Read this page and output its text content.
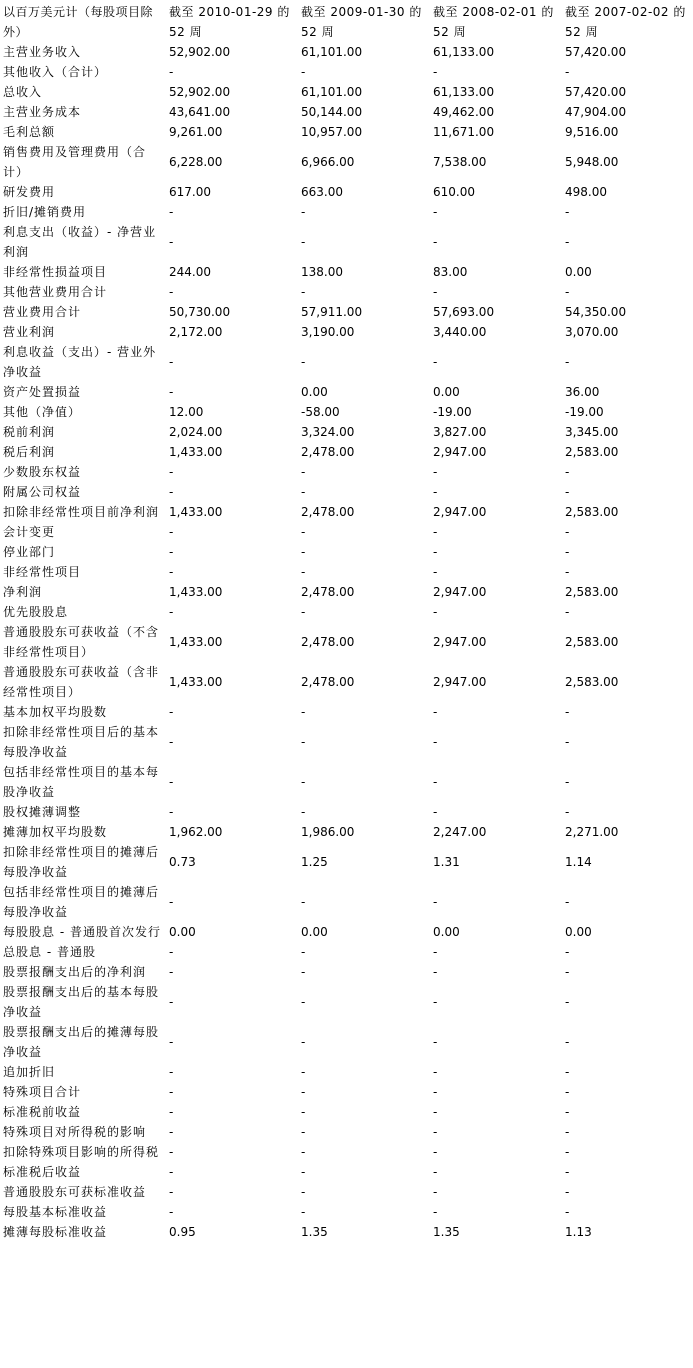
以百万美元计（每股项目除外）	截至 2010-01-29 的 52 周	截至 2009-01-30 的 52 周	截至 2008-02-01 的 52 周	截至 2007-02-02 的 52 周
主营业务收入	52,902.00	61,101.00	61,133.00	57,420.00
其他收入（合计）	-	-	-	-
总收入	52,902.00	61,101.00	61,133.00	57,420.00
主营业务成本	43,641.00	50,144.00	49,462.00	47,904.00
毛利总额	9,261.00	10,957.00	11,671.00	9,516.00
销售费用及管理费用（合计）	6,228.00	6,966.00	7,538.00	5,948.00
研发费用	617.00	663.00	610.00	498.00
折旧/摊销费用	-	-	-	-
利息支出（收益）- 净营业利润	-	-	-	-
非经常性损益项目	244.00	138.00	83.00	0.00
其他营业费用合计	-	-	-	-
营业费用合计	50,730.00	57,911.00	57,693.00	54,350.00
营业利润	2,172.00	3,190.00	3,440.00	3,070.00
利息收益（支出）- 营业外净收益	-	-	-	-
资产处置损益	-	0.00	0.00	36.00
其他（净值）	12.00	-58.00	-19.00	-19.00
税前利润	2,024.00	3,324.00	3,827.00	3,345.00
税后利润	1,433.00	2,478.00	2,947.00	2,583.00
少数股东权益	-	-	-	-
附属公司权益	-	-	-	-
扣除非经常性项目前净利润	1,433.00	2,478.00	2,947.00	2,583.00
会计变更	-	-	-	-
停业部门	-	-	-	-
非经常性项目	-	-	-	-
净利润	1,433.00	2,478.00	2,947.00	2,583.00
优先股股息	-	-	-	-
普通股股东可获收益（不含非经常性项目）	1,433.00	2,478.00	2,947.00	2,583.00
普通股股东可获收益（含非经常性项目）	1,433.00	2,478.00	2,947.00	2,583.00
基本加权平均股数	-	-	-	-
扣除非经常性项目后的基本每股净收益	-	-	-	-
包括非经常性项目的基本每股净收益	-	-	-	-
股权摊薄调整	-	-	-	-
摊薄加权平均股数	1,962.00	1,986.00	2,247.00	2,271.00
扣除非经常性项目的摊薄后每股净收益	0.73	1.25	1.31	1.14
包括非经常性项目的摊薄后每股净收益	-	-	-	-
每股股息 - 普通股首次发行	0.00	0.00	0.00	0.00
总股息 - 普通股	-	-	-	-
股票报酬支出后的净利润	-	-	-	-
股票报酬支出后的基本每股净收益	-	-	-	-
股票报酬支出后的摊薄每股净收益	-	-	-	-
追加折旧	-	-	-	-
特殊项目合计	-	-	-	-
标准税前收益	-	-	-	-
特殊项目对所得税的影响	-	-	-	-
扣除特殊项目影响的所得税	-	-	-	-
标准税后收益	-	-	-	-
普通股股东可获标准收益	-	-	-	-
每股基本标准收益	-	-	-	-
摊薄每股标准收益	0.95	1.35	1.35	1.13
